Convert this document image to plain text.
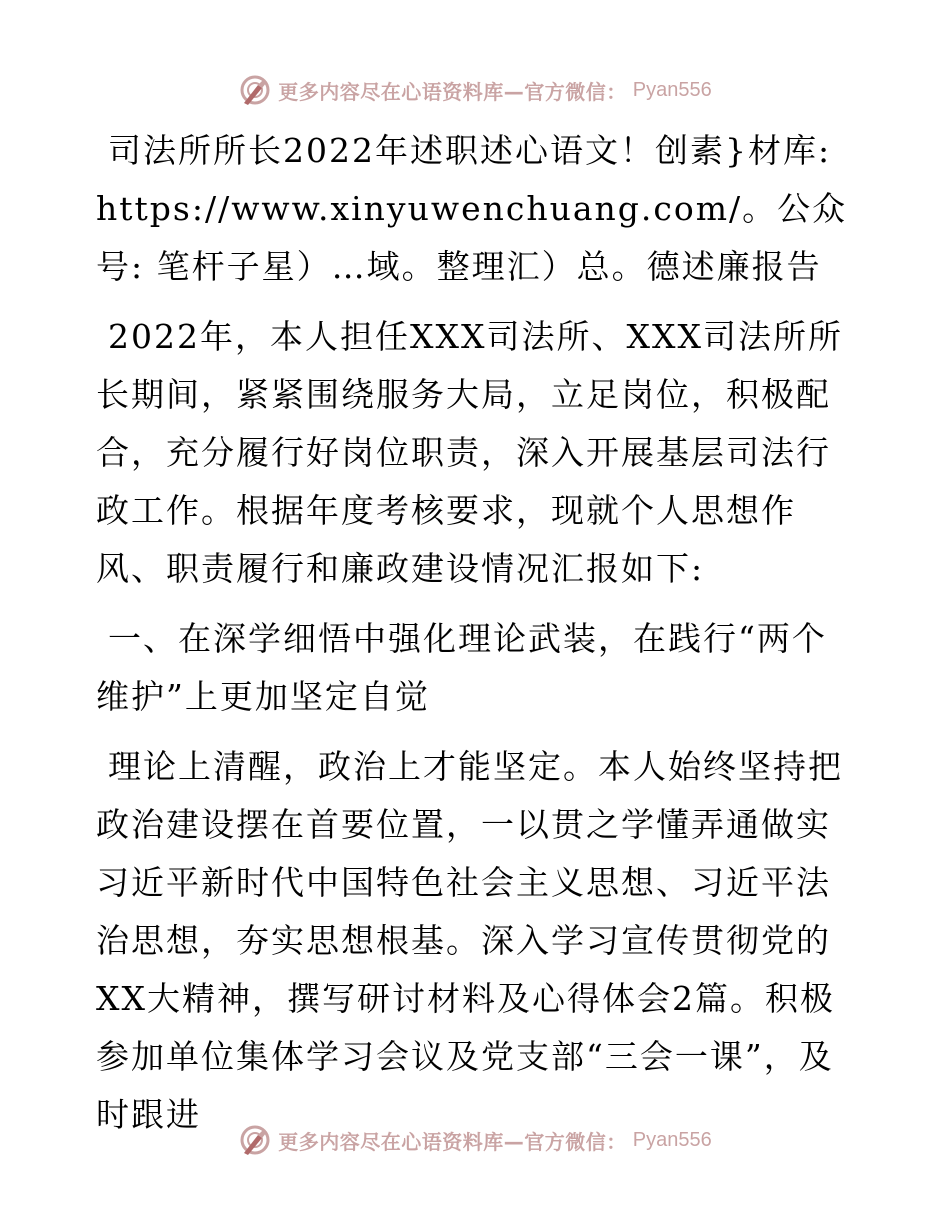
更多内容尽在心语资料库—官方微信： Pyan556

司法所所长2022年述职述心语文！创素}材库: https://www.xinyuwenchuang.com/。公众号: 笔杆子星）…域。整理汇）总。德述廉报告

2022年，本人担任XXX司法所、XXX司法所所长期间，紧紧围绕服务大局，立足岗位，积极配合，充分履行好岗位职责，深入开展基层司法行政工作。根据年度考核要求，现就个人思想作风、职责履行和廉政建设情况汇报如下:

一、在深学细悟中强化理论武装，在践行“两个维护”上更加坚定自觉

理论上清醒，政治上才能坚定。本人始终坚持把政治建设摆在首要位置，一以贯之学懂弄通做实习近平新时代中国特色社会主义思想、习近平法治思想，夯实思想根基。深入学习宣传贯彻党的XX大精神，撰写研讨材料及心得体会2篇。积极参加单位集体学习会议及党支部“三会一课”，及时跟进

更多内容尽在心语资料库—官方微信： Pyan556
